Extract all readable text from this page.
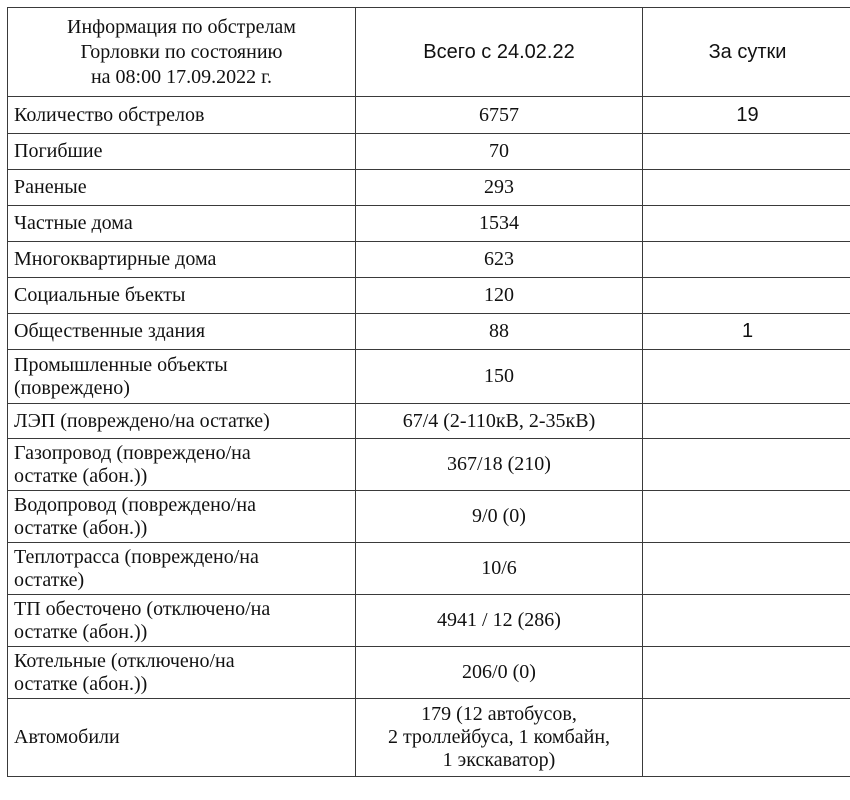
Информация по обстрелам
Горловки по состоянию
на 08:00 17.09.2022 г.	Всего с 24.02.22	За сутки
Количество обстрелов	6757	19
Погибшие	70	
Раненые	293	
Частные дома	1534	
Многоквартирные дома	623	
Социальные бъекты	120	
Общественные здания	88	1

Промышленные объекты
(повреждено)	150	
ЛЭП (повреждено/на остатке)	67/4 (2-110кВ, 2-35кВ)	

Газопровод (повреждено/на
остатке (абон.))	367/18 (210)	

Водопровод (повреждено/на
остатке (абон.))	9/0 (0)	

Теплотрасса (повреждено/на
остатке)	10/6	

ТП обесточено (отключено/на
остатке (абон.))	4941 / 12 (286)	

Котельные (отключено/на
остатке (абон.))	206/0 (0)	
Автомобили	179 (12 автобусов,
2 троллейбуса, 1 комбайн,
1 экскаватор)	
